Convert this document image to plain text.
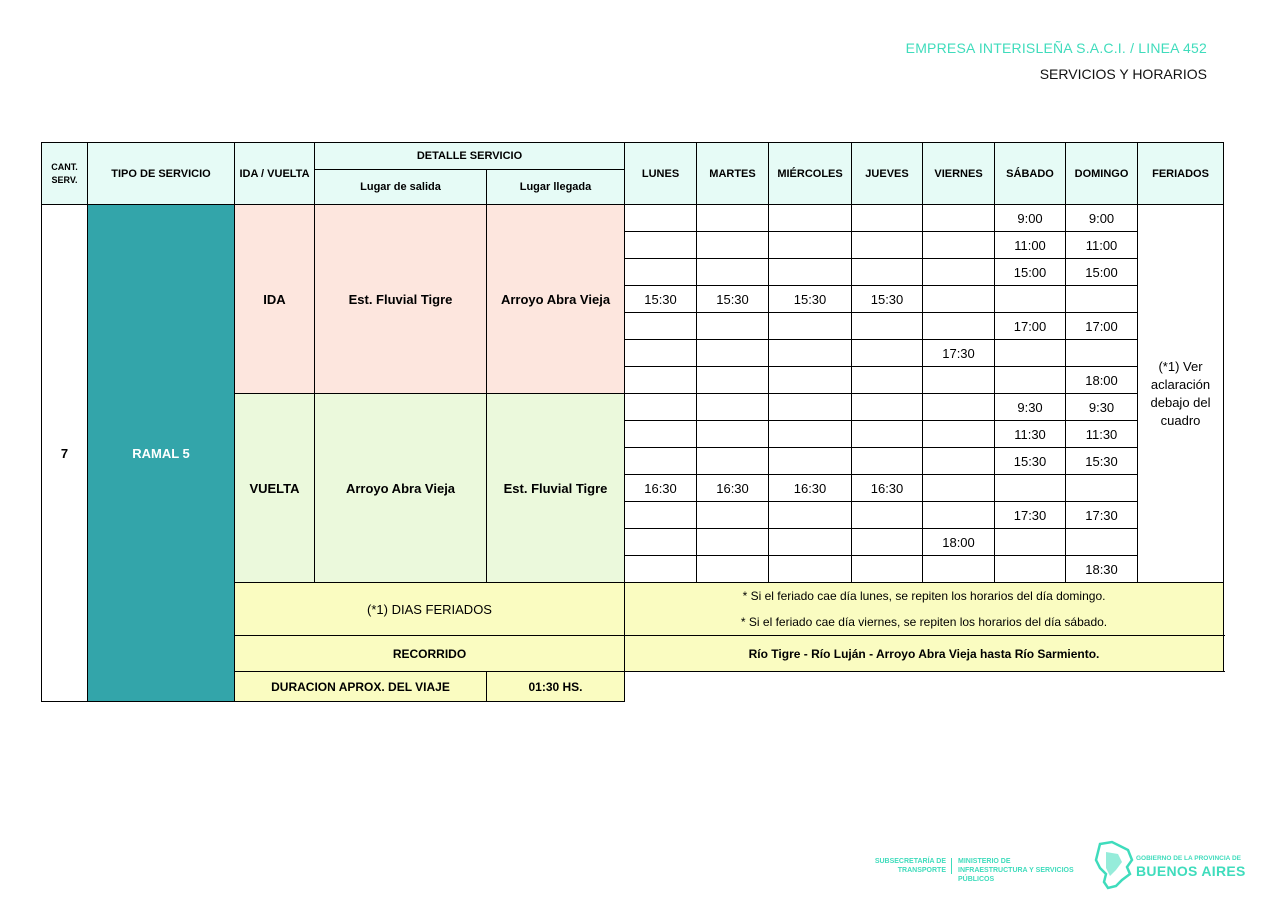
EMPRESA INTERISLEÑA S.A.C.I. / LINEA 452
SERVICIOS Y HORARIOS
CANT. SERV.	TIPO DE SERVICIO	IDA / VUELTA	DETALLE SERVICIO		LUNES	MARTES	MIÉRCOLES	JUEVES	VIERNES	SÁBADO	DOMINGO	FERIADOS
			Lugar de salida	Lugar llegada								
7	RAMAL 5	IDA	Est. Fluvial Tigre	Arroyo Abra Vieja						9:00	9:00	(*1) Ver aclaración debajo del cuadro
										11:00	11:00	
										15:00	15:00	
					15:30	15:30	15:30	15:30				
										17:00	17:00	
									17:30			
											18:00	
		VUELTA	Arroyo Abra Vieja	Est. Fluvial Tigre						9:30	9:30	
										11:30	11:30	
										15:30	15:30	
					16:30	16:30	16:30	16:30				
										17:30	17:30	
									18:00			
											18:30	
		(*1) DIAS FERIADOS			* Si el feriado cae día lunes, se repiten los horarios del día domingo.							
					* Si el feriado cae día viernes, se repiten los horarios del día sábado.							
		RECORRIDO			Río Tigre - Río Luján - Arroyo Abra Vieja hasta Río Sarmiento.							
		DURACION APROX. DEL VIAJE		01:30 HS.								
SUBSECRETARÍA DE TRANSPORTE
MINISTERIO DE INFRAESTRUCTURA Y SERVICIOS PÚBLICOS
GOBIERNO DE LA PROVINCIA DE
BUENOS AIRES
